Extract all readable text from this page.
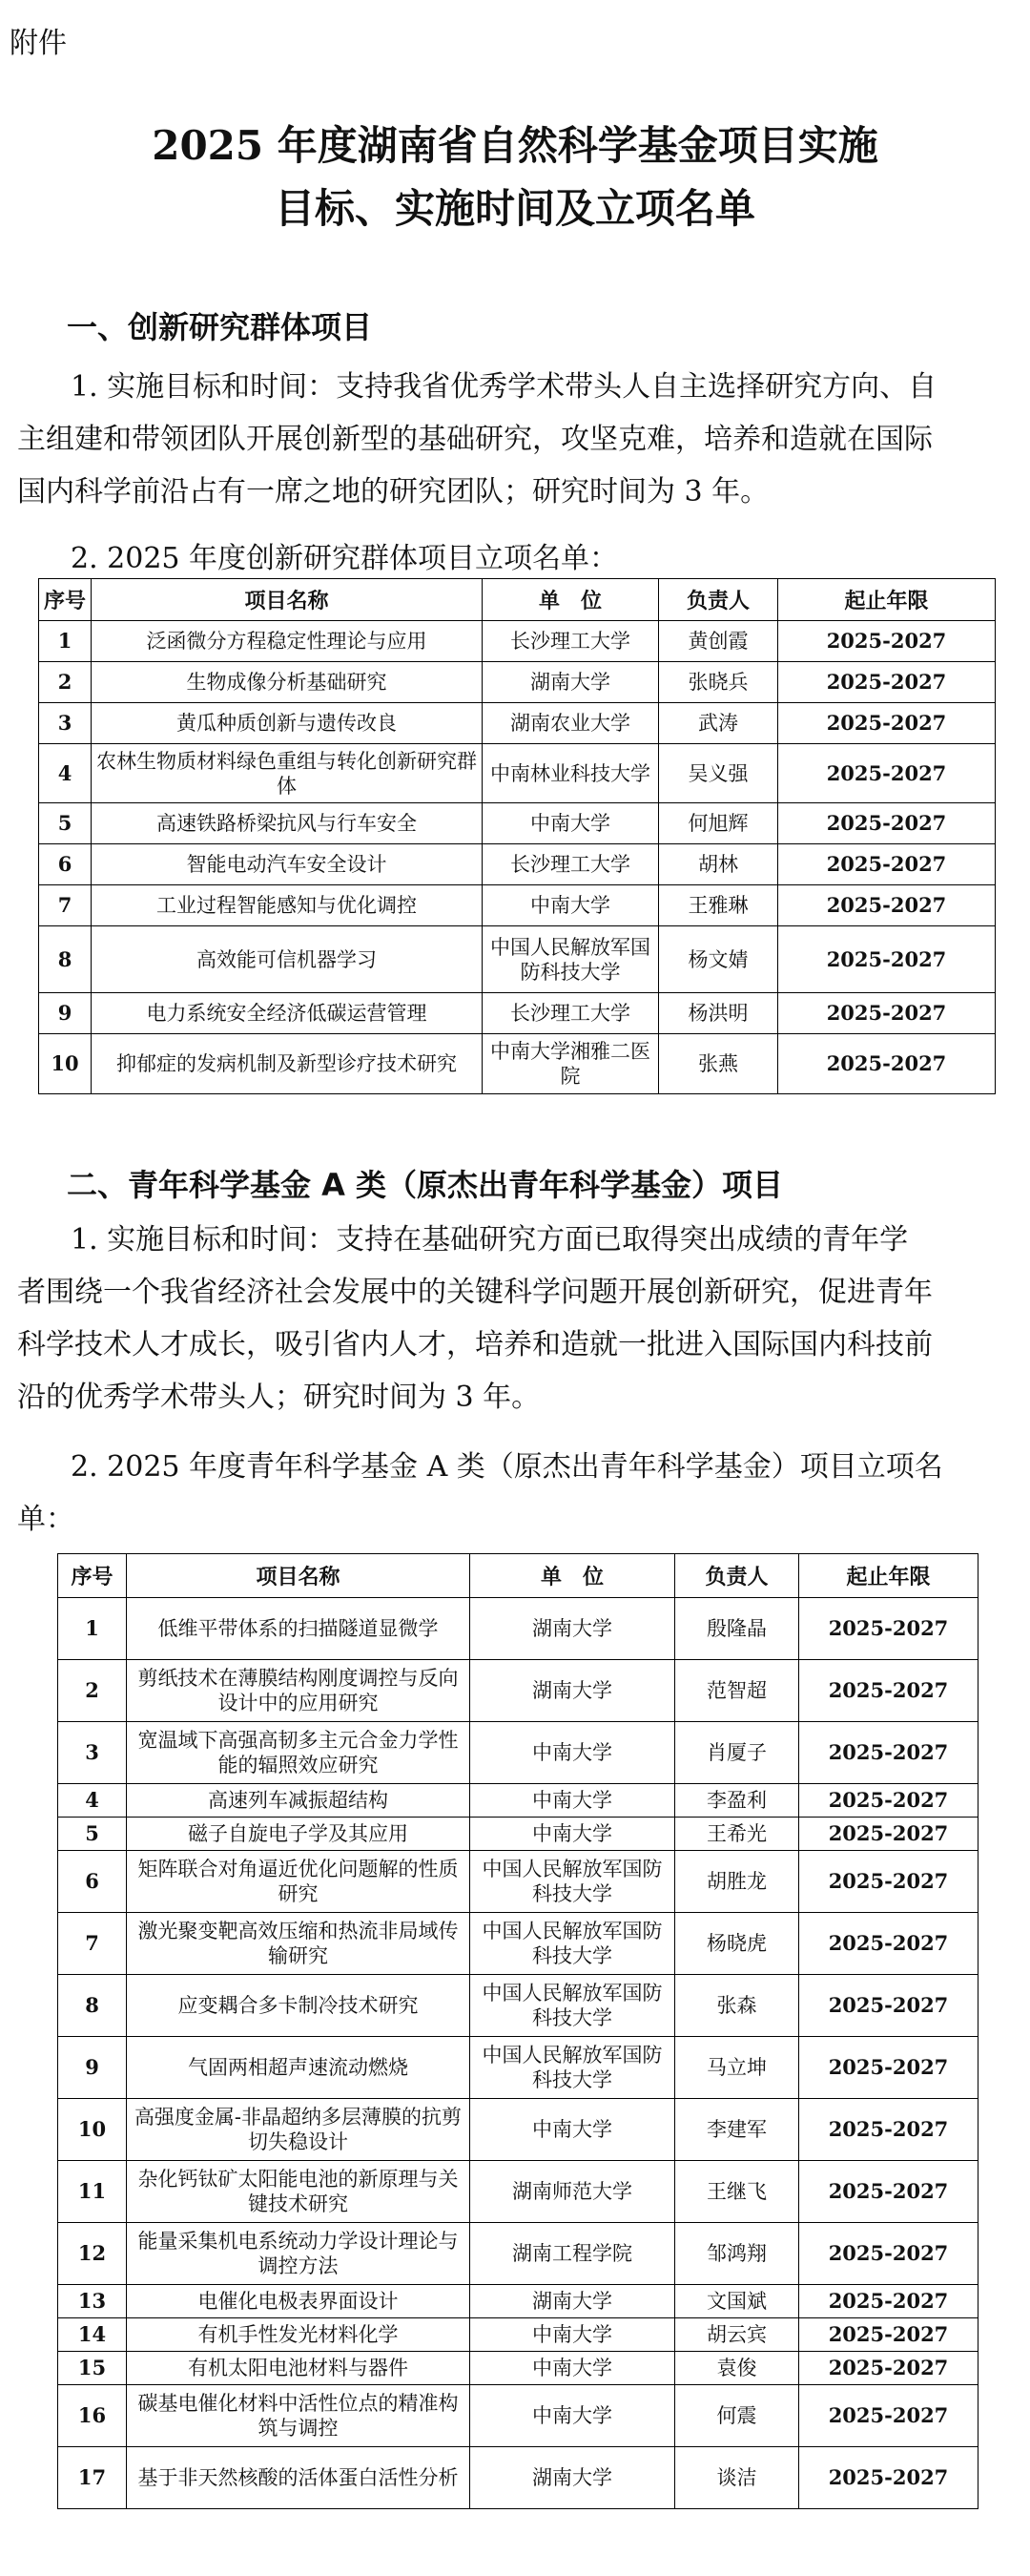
附件
2025 年度湖南省自然科学基金项目实施
目标、实施时间及立项名单
一、创新研究群体项目
1. 实施目标和时间：支持我省优秀学术带头人自主选择研究方向、自
主组建和带领团队开展创新型的基础研究，攻坚克难，培养和造就在国际
国内科学前沿占有一席之地的研究团队；研究时间为 3 年。
2. 2025 年度创新研究群体项目立项名单：
序号	项目名称	单　位	负责人	起止年限
1	泛函微分方程稳定性理论与应用	长沙理工大学	黄创霞	2025-2027
2	生物成像分析基础研究	湖南大学	张晓兵	2025-2027
3	黄瓜种质创新与遗传改良	湖南农业大学	武涛	2025-2027
4	农林生物质材料绿色重组与转化创新研究群体	中南林业科技大学	吴义强	2025-2027
5	高速铁路桥梁抗风与行车安全	中南大学	何旭辉	2025-2027
6	智能电动汽车安全设计	长沙理工大学	胡林	2025-2027
7	工业过程智能感知与优化调控	中南大学	王雅琳	2025-2027
8	高效能可信机器学习	中国人民解放军国防科技大学	杨文婧	2025-2027
9	电力系统安全经济低碳运营管理	长沙理工大学	杨洪明	2025-2027
10	抑郁症的发病机制及新型诊疗技术研究	中南大学湘雅二医院	张燕	2025-2027
二、青年科学基金 A 类（原杰出青年科学基金）项目
1. 实施目标和时间：支持在基础研究方面已取得突出成绩的青年学
者围绕一个我省经济社会发展中的关键科学问题开展创新研究，促进青年
科学技术人才成长，吸引省内人才，培养和造就一批进入国际国内科技前
沿的优秀学术带头人；研究时间为 3 年。
2. 2025 年度青年科学基金 A 类（原杰出青年科学基金）项目立项名
单：
序号	项目名称	单　位	负责人	起止年限
1	低维平带体系的扫描隧道显微学	湖南大学	殷隆晶	2025-2027
2	剪纸技术在薄膜结构刚度调控与反向设计中的应用研究	湖南大学	范智超	2025-2027
3	宽温域下高强高韧多主元合金力学性能的辐照效应研究	中南大学	肖厦子	2025-2027
4	高速列车减振超结构	中南大学	李盈利	2025-2027
5	磁子自旋电子学及其应用	中南大学	王希光	2025-2027
6	矩阵联合对角逼近优化问题解的性质研究	中国人民解放军国防科技大学	胡胜龙	2025-2027
7	激光聚变靶高效压缩和热流非局域传输研究	中国人民解放军国防科技大学	杨晓虎	2025-2027
8	应变耦合多卡制冷技术研究	中国人民解放军国防科技大学	张森	2025-2027
9	气固两相超声速流动燃烧	中国人民解放军国防科技大学	马立坤	2025-2027
10	高强度金属-非晶超纳多层薄膜的抗剪切失稳设计	中南大学	李建军	2025-2027
11	杂化钙钛矿太阳能电池的新原理与关键技术研究	湖南师范大学	王继飞	2025-2027
12	能量采集机电系统动力学设计理论与调控方法	湖南工程学院	邹鸿翔	2025-2027
13	电催化电极表界面设计	湖南大学	文国斌	2025-2027
14	有机手性发光材料化学	中南大学	胡云宾	2025-2027
15	有机太阳电池材料与器件	中南大学	袁俊	2025-2027
16	碳基电催化材料中活性位点的精准构筑与调控	中南大学	何震	2025-2027
17	基于非天然核酸的活体蛋白活性分析	湖南大学	谈洁	2025-2027
